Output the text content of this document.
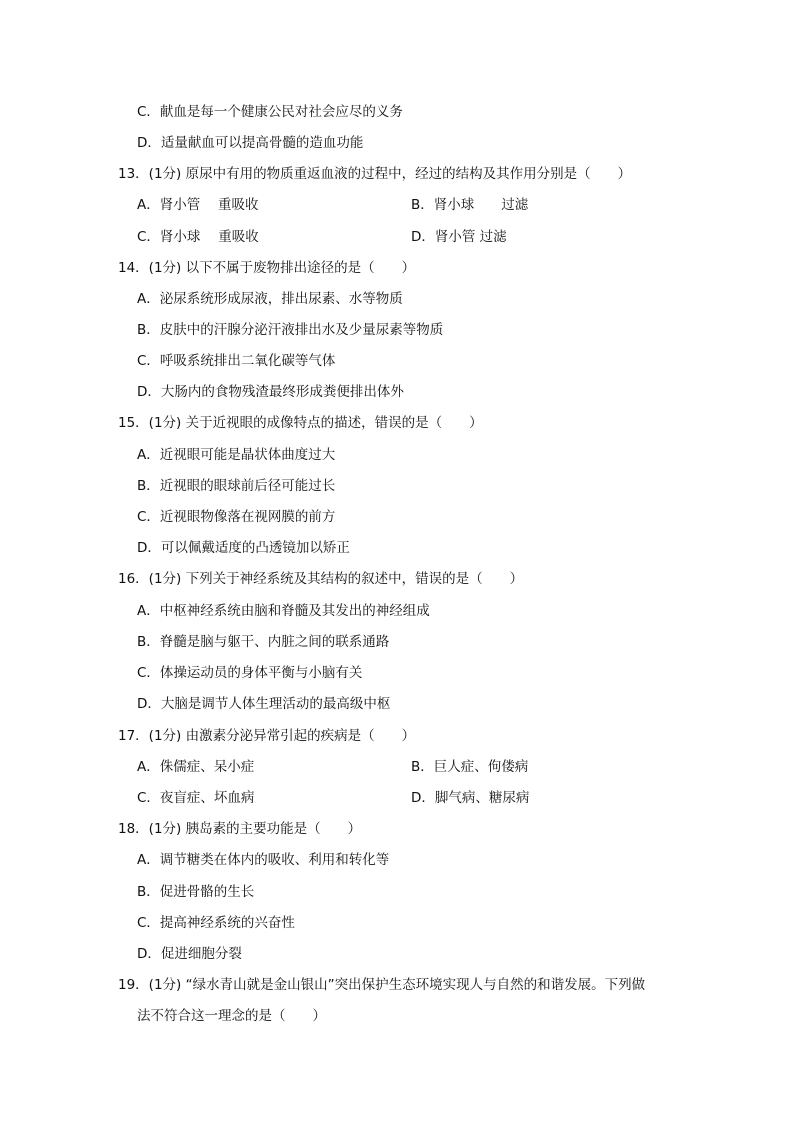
C．献血是每一个健康公民对社会应尽的义务
D．适量献血可以提高骨髓的造血功能
13．(1分) 原尿中有用的物质重返血液的过程中，经过的结构及其作用分别是（　　）
A．肾小管　 重吸收	B．肾小球　　过滤
C．肾小球　 重吸收	D．肾小管 过滤
14．(1分) 以下不属于废物排出途径的是（　　）
A．泌尿系统形成尿液，排出尿素、水等物质
B．皮肤中的汗腺分泌汗液排出水及少量尿素等物质
C．呼吸系统排出二氧化碳等气体
D．大肠内的食物残渣最终形成粪便排出体外
15．(1分) 关于近视眼的成像特点的描述，错误的是（　　）
A．近视眼可能是晶状体曲度过大
B．近视眼的眼球前后径可能过长
C．近视眼物像落在视网膜的前方
D．可以佩戴适度的凸透镜加以矫正
16．(1分) 下列关于神经系统及其结构的叙述中，错误的是（　　）
A．中枢神经系统由脑和脊髓及其发出的神经组成
B．脊髓是脑与躯干、内脏之间的联系通路
C．体操运动员的身体平衡与小脑有关
D．大脑是调节人体生理活动的最高级中枢
17．(1分) 由激素分泌异常引起的疾病是（　　）
A．侏儒症、呆小症	B．巨人症、佝偻病
C．夜盲症、坏血病	D．脚气病、糖尿病
18．(1分) 胰岛素的主要功能是（　　）
A．调节糖类在体内的吸收、利用和转化等
B．促进骨骼的生长
C．提高神经系统的兴奋性
D．促进细胞分裂
19．(1分) “绿水青山就是金山银山”突出保护生态环境实现人与自然的和谐发展。下列做
法不符合这一理念的是（　　）
